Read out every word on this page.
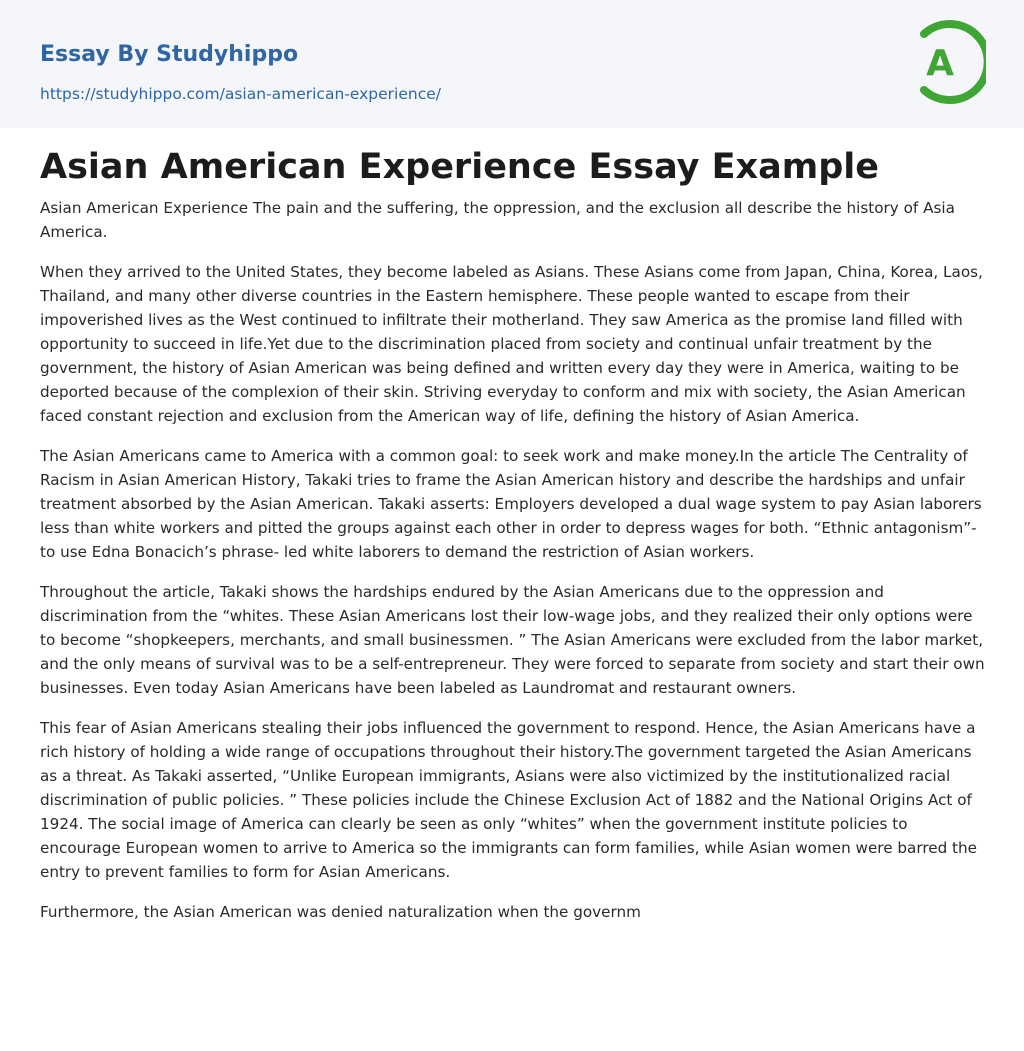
Essay By Studyhippo
https://studyhippo.com/asian-american-experience/
A
Asian American Experience Essay Example

Asian American Experience The pain and the suffering, the oppression, and the exclusion all describe the history of Asia America.

When they arrived to the United States, they become labeled as Asians. These Asians come from Japan, China, Korea, Laos, Thailand, and many other diverse countries in the Eastern hemisphere. These people wanted to escape from their impoverished lives as the West continued to infiltrate their motherland. They saw America as the promise land filled with opportunity to succeed in life.Yet due to the discrimination placed from society and continual unfair treatment by the government, the history of Asian American was being defined and written every day they were in America, waiting to be deported because of the complexion of their skin. Striving everyday to conform and mix with society, the Asian American faced constant rejection and exclusion from the American way of life, defining the history of Asian America.

The Asian Americans came to America with a common goal: to seek work and make money.In the article The Centrality of Racism in Asian American History, Takaki tries to frame the Asian American history and describe the hardships and unfair treatment absorbed by the Asian American. Takaki asserts: Employers developed a dual wage system to pay Asian laborers less than white workers and pitted the groups against each other in order to depress wages for both. “Ethnic antagonism”- to use Edna Bonacich’s phrase- led white laborers to demand the restriction of Asian workers.

Throughout the article, Takaki shows the hardships endured by the Asian Americans due to the oppression and discrimination from the “whites. These Asian Americans lost their low-wage jobs, and they realized their only options were to become “shopkeepers, merchants, and small businessmen. ” The Asian Americans were excluded from the labor market, and the only means of survival was to be a self-entrepreneur. They were forced to separate from society and start their own businesses. Even today Asian Americans have been labeled as Laundromat and restaurant owners.

This fear of Asian Americans stealing their jobs influenced the government to respond. Hence, the Asian Americans have a rich history of holding a wide range of occupations throughout their history.The government targeted the Asian Americans as a threat. As Takaki asserted, “Unlike European immigrants, Asians were also victimized by the institutionalized racial discrimination of public policies. ” These policies include the Chinese Exclusion Act of 1882 and the National Origins Act of 1924. The social image of America can clearly be seen as only “whites” when the government institute policies to encourage European women to arrive to America so the immigrants can form families, while Asian women were barred the entry to prevent families to form for Asian Americans.

Furthermore, the Asian American was denied naturalization when the governm
